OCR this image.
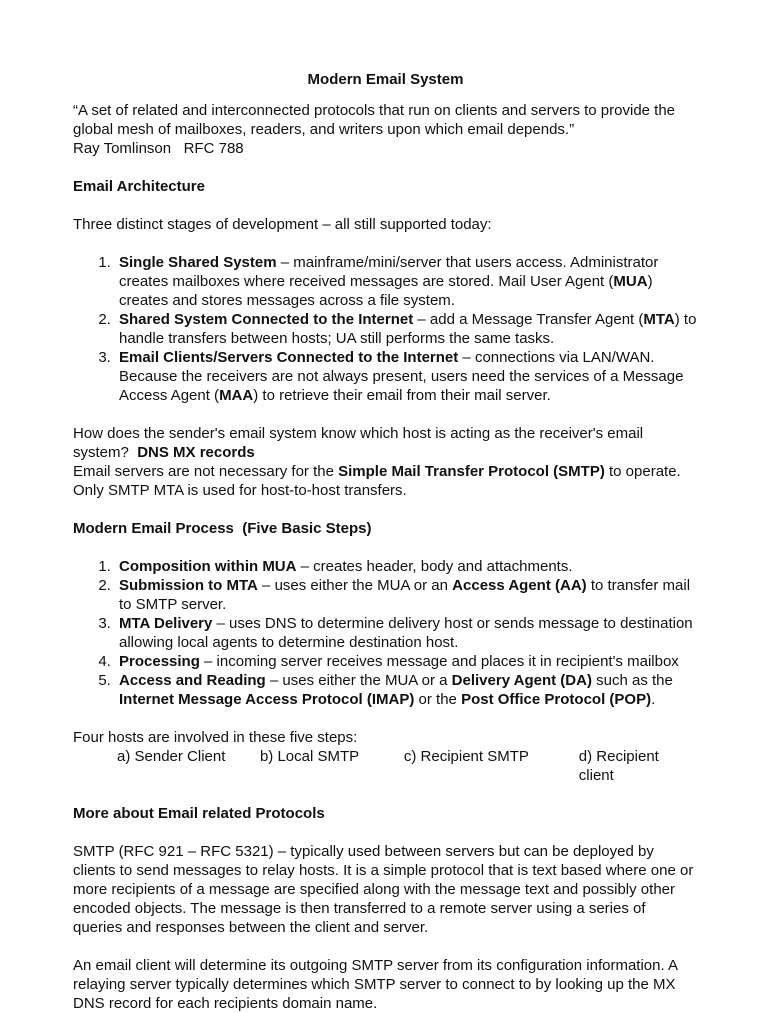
Modern Email System

“A set of related and interconnected protocols that run on clients and servers to provide the global mesh of mailboxes, readers, and writers upon which email depends.”

Ray Tomlinson   RFC 788

Email Architecture

Three distinct stages of development – all still supported today:

1. Single Shared System – mainframe/mini/server that users access. Administrator creates mailboxes where received messages are stored. Mail User Agent (MUA) creates and stores messages across a file system.
2. Shared System Connected to the Internet – add a Message Transfer Agent (MTA) to handle transfers between hosts; UA still performs the same tasks.
3. Email Clients/Servers Connected to the Internet – connections via LAN/WAN. Because the receivers are not always present, users need the services of a Message Access Agent (MAA) to retrieve their email from their mail server.

How does the sender's email system know which host is acting as the receiver's email system?  DNS MX records

Email servers are not necessary for the Simple Mail Transfer Protocol (SMTP) to operate. Only SMTP MTA is used for host-to-host transfers.

Modern Email Process  (Five Basic Steps)

1. Composition within MUA – creates header, body and attachments.
2. Submission to MTA – uses either the MUA or an Access Agent (AA) to transfer mail to SMTP server.
3. MTA Delivery – uses DNS to determine delivery host or sends message to destination allowing local agents to determine destination host.
4. Processing – incoming server receives message and places it in recipient's mailbox
5. Access and Reading – uses either the MUA or a Delivery Agent (DA) such as the Internet Message Access Protocol (IMAP) or the Post Office Protocol (POP).

Four hosts are involved in these five steps:

a) Sender Client	b) Local SMTP	c) Recipient SMTP	d) Recipient client

More about Email related Protocols

SMTP (RFC 921 – RFC 5321) – typically used between servers but can be deployed by clients to send messages to relay hosts. It is a simple protocol that is text based where one or more recipients of a message are specified along with the message text and possibly other encoded objects. The message is then transferred to a remote server using a series of queries and responses between the client and server.

An email client will determine its outgoing SMTP server from its configuration information. A relaying server typically determines which SMTP server to connect to by looking up the MX DNS record for each recipients domain name.
